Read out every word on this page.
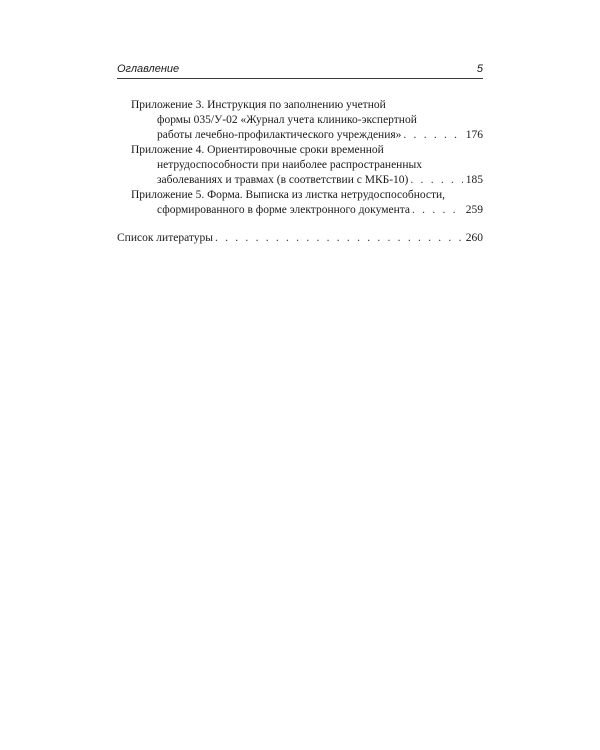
Оглавление	5
Приложение 3. Инструкция по заполнению учетной
формы 035/У-02 «Журнал учета клинико-экспертной
работы лечебно-профилактического учреждения» . . .	176
Приложение 4. Ориентировочные сроки временной
нетрудоспособности при наиболее распространенных
заболеваниях и травмах (в соответствии с МКБ-10) . . .	185
Приложение 5. Форма. Выписка из листка нетрудоспособности,
сформированного в форме электронного документа . . .	259
Список литературы . . .	260
